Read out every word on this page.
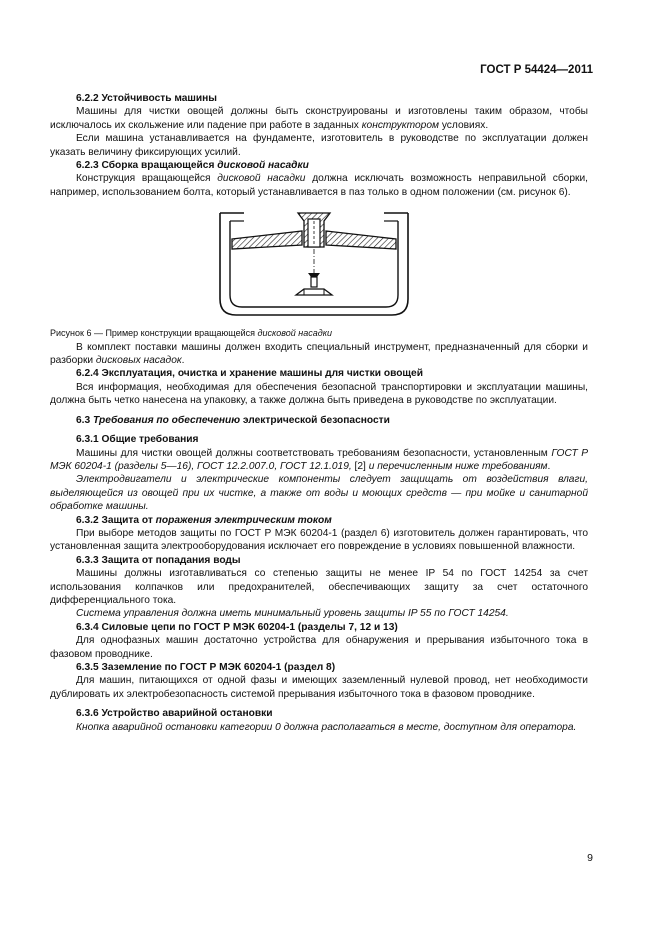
ГОСТ Р 54424—2011

6.2.2 Устойчивость машины

Машины для чистки овощей должны быть сконструированы и изготовлены таким образом, чтобы исключалось их скольжение или падение при работе в заданных конструктором условиях.

Если машина устанавливается на фундаменте, изготовитель в руководстве по эксплуатации должен указать величину фиксирующих усилий.

6.2.3 Сборка вращающейся дисковой насадки

Конструкция вращающейся дисковой насадки должна исключать возможность неправильной сборки, например, использованием болта, который устанавливается в паз только в одном положении (см. рисунок 6).

Рисунок 6 — Пример конструкции вращающейся дисковой насадки

В комплект поставки машины должен входить специальный инструмент, предназначенный для сборки и разборки дисковых насадок.

6.2.4 Эксплуатация, очистка и хранение машины для чистки овощей

Вся информация, необходимая для обеспечения безопасной транспортировки и эксплуатации машины, должна быть четко нанесена на упаковку, а также должна быть приведена в руководстве по эксплуатации.

6.3 Требования по обеспечению электрической безопасности

6.3.1 Общие требования

Машины для чистки овощей должны соответствовать требованиям безопасности, установленным ГОСТ Р МЭК 60204-1 (разделы 5—16), ГОСТ 12.2.007.0, ГОСТ 12.1.019, [2] и перечисленным ниже требованиям.

Электродвигатели и электрические компоненты следует защищать от воздействия влаги, выделяющейся из овощей при их чистке, а также от воды и моющих средств — при мойке и санитарной обработке машины.

6.3.2 Защита от поражения электрическим током

При выборе методов защиты по ГОСТ Р МЭК 60204-1 (раздел 6) изготовитель должен гарантировать, что установленная защита электрооборудования исключает его повреждение в условиях повышенной влажности.

6.3.3 Защита от попадания воды

Машины должны изготавливаться со степенью защиты не менее IP 54 по ГОСТ 14254 за счет использования колпачков или предохранителей, обеспечивающих защиту за счет остаточного дифференциального тока.

Система управления должна иметь минимальный уровень защиты IP 55 по ГОСТ 14254.

6.3.4 Силовые цепи по ГОСТ Р МЭК 60204-1 (разделы 7, 12 и 13)

Для однофазных машин достаточно устройства для обнаружения и прерывания избыточного тока в фазовом проводнике.

6.3.5 Заземление по ГОСТ Р МЭК 60204-1 (раздел 8)

Для машин, питающихся от одной фазы и имеющих заземленный нулевой провод, нет необходимости дублировать их электробезопасность системой прерывания избыточного тока в фазовом проводнике.

6.3.6 Устройство аварийной остановки

Кнопка аварийной остановки категории 0 должна располагаться в месте, доступном для оператора.

9
